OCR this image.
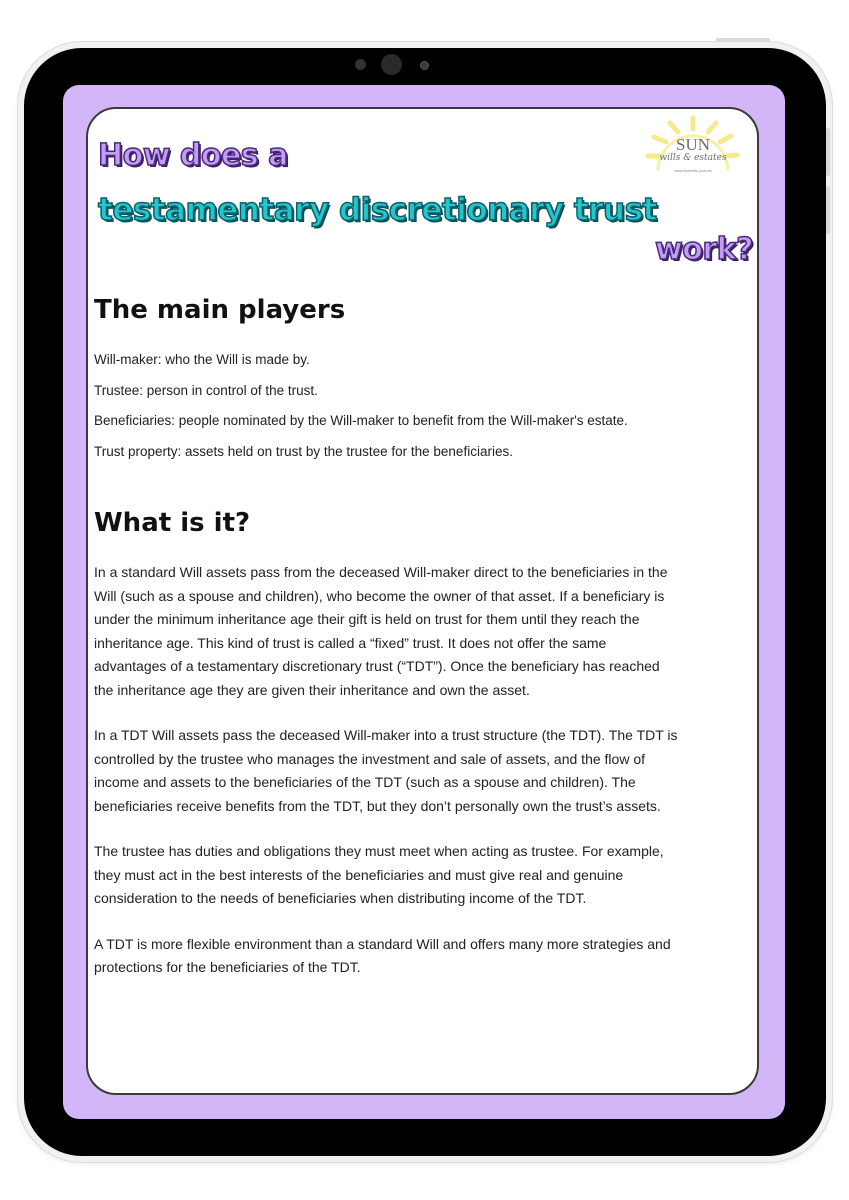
SUN

wills & estates

www.sunwills.com.au

How does a
testamentary discretionary trust
work?
The main players

Will-maker: who the Will is made by.

Trustee: person in control of the trust.

Beneficiaries: people nominated by the Will-maker to benefit from the Will-maker's estate.

Trust property: assets held on trust by the trustee for the beneficiaries.

What is it?

In a standard Will assets pass from the deceased Will-maker direct to the beneficiaries in the
Will (such as a spouse and children), who become the owner of that asset. If a beneficiary is
under the minimum inheritance age their gift is held on trust for them until they reach the
inheritance age. This kind of trust is called a “fixed” trust. It does not offer the same
advantages of a testamentary discretionary trust (“TDT”). Once the beneficiary has reached
the inheritance age they are given their inheritance and own the asset.

In a TDT Will assets pass the deceased Will-maker into a trust structure (the TDT). The TDT is
controlled by the trustee who manages the investment and sale of assets, and the flow of
income and assets to the beneficiaries of the TDT (such as a spouse and children). The
beneficiaries receive benefits from the TDT, but they don’t personally own the trust’s assets.

The trustee has duties and obligations they must meet when acting as trustee. For example,
they must act in the best interests of the beneficiaries and must give real and genuine
consideration to the needs of beneficiaries when distributing income of the TDT.

A TDT is more flexible environment than a standard Will and offers many more strategies and
protections for the beneficiaries of the TDT.
